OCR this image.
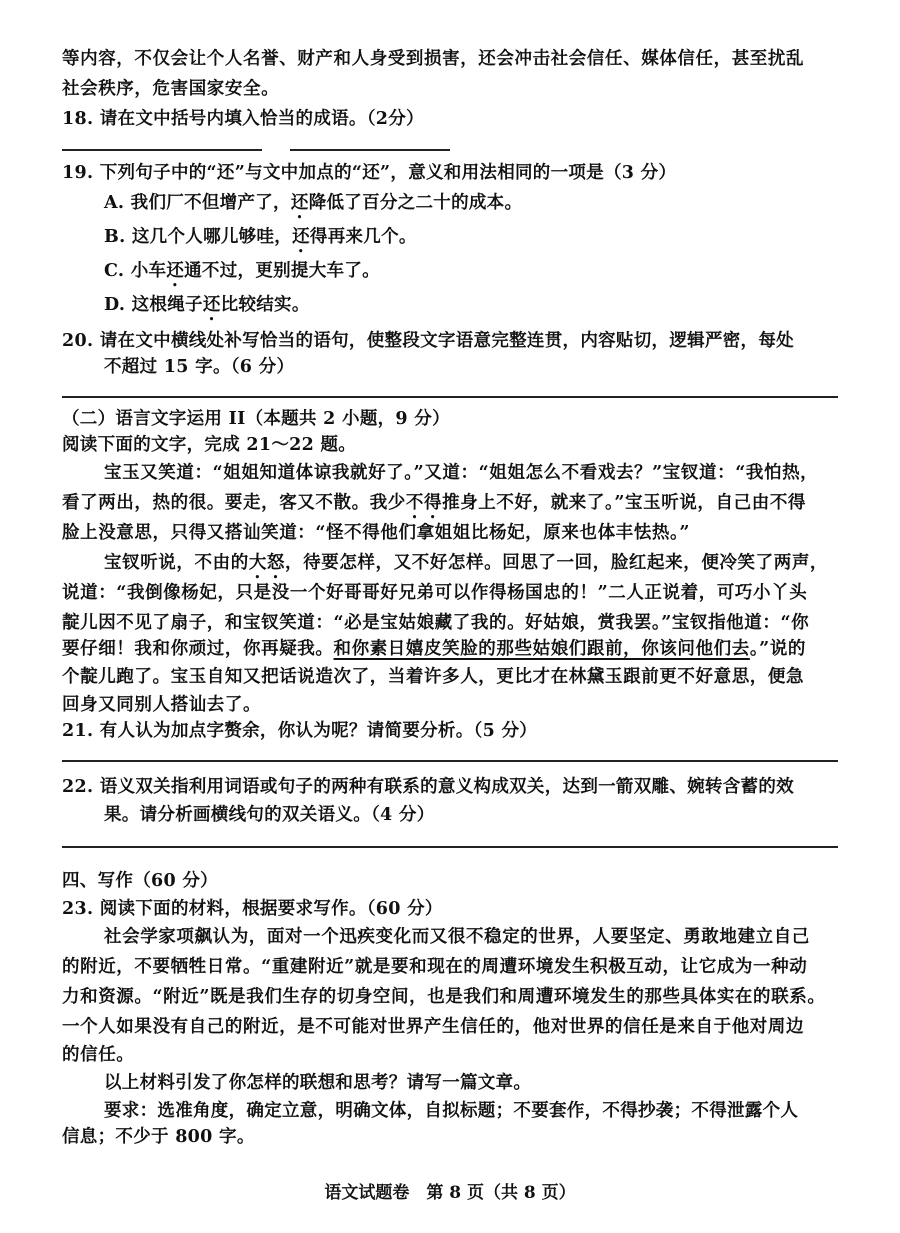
等内容，不仅会让个人名誉、财产和人身受到损害，还会冲击社会信任、媒体信任，甚至扰乱
社会秩序，危害国家安全。
18. 请在文中括号内填入恰当的成语。（2分）
19. 下列句子中的“还”与文中加点的“还”，意义和用法相同的一项是（3 分）
A. 我们厂不但增产了，还降低了百分之二十的成本。
B. 这几个人哪儿够哇，还得再来几个。
C. 小车还通不过，更别提大车了。
D. 这根绳子还比较结实。
20. 请在文中横线处补写恰当的语句，使整段文字语意完整连贯，内容贴切，逻辑严密，每处
不超过 15 字。（6 分）
（二）语言文字运用 II（本题共 2 小题，9 分）
阅读下面的文字，完成 21～22 题。
宝玉又笑道：“姐姐知道体谅我就好了。”又道：“姐姐怎么不看戏去？”宝钗道：“我怕热，
看了两出，热的很。要走，客又不散。我少不得推身上不好，就来了。”宝玉听说，自己由不得
脸上没意思，只得又搭讪笑道：“怪不得他们拿姐姐比杨妃，原来也体丰怯热。”
宝钗听说，不由的大怒，待要怎样，又不好怎样。回思了一回，脸红起来，便冷笑了两声，
说道：“我倒像杨妃，只是没一个好哥哥好兄弟可以作得杨国忠的！”二人正说着，可巧小丫头
靛儿因不见了扇子，和宝钗笑道：“必是宝姑娘藏了我的。好姑娘，赏我罢。”宝钗指他道：“你
要仔细！我和你顽过，你再疑我。和你素日嬉皮笑脸的那些姑娘们跟前，你该问他们去。”说的
个靛儿跑了。宝玉自知又把话说造次了，当着许多人，更比才在林黛玉跟前更不好意思，便急
回身又同别人搭讪去了。
21. 有人认为加点字赘余，你认为呢？请简要分析。（5 分）
22. 语义双关指利用词语或句子的两种有联系的意义构成双关，达到一箭双雕、婉转含蓄的效
果。请分析画横线句的双关语义。（4 分）
四、写作（60 分）
23. 阅读下面的材料，根据要求写作。（60 分）
社会学家项飙认为，面对一个迅疾变化而又很不稳定的世界，人要坚定、勇敢地建立自己
的附近，不要牺牲日常。“重建附近”就是要和现在的周遭环境发生积极互动，让它成为一种动
力和资源。“附近”既是我们生存的切身空间，也是我们和周遭环境发生的那些具体实在的联系。
一个人如果没有自己的附近，是不可能对世界产生信任的，他对世界的信任是来自于他对周边
的信任。
以上材料引发了你怎样的联想和思考？请写一篇文章。
要求：选准角度，确定立意，明确文体，自拟标题；不要套作，不得抄袭；不得泄露个人
信息；不少于 800 字。
语文试题卷　第 8 页（共 8 页）
